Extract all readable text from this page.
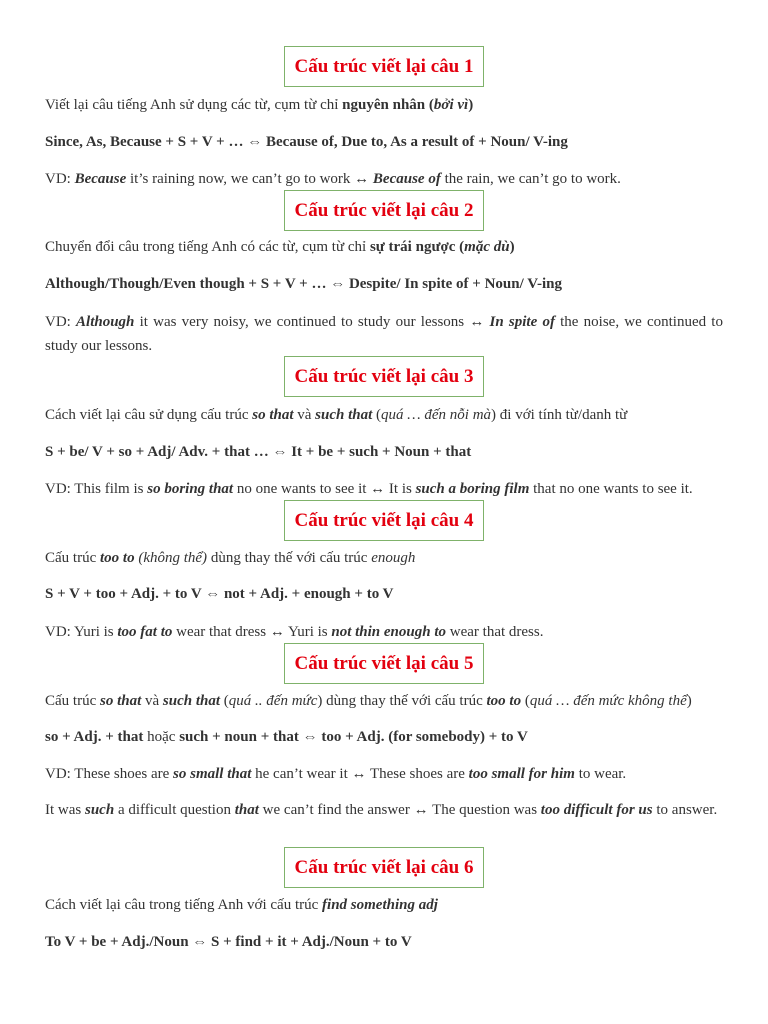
Cấu trúc viết lại câu 1

Viết lại câu tiếng Anh sử dụng các từ, cụm từ chỉ nguyên nhân (bởi vì)

Since, As, Because + S + V + … ⇔ Because of, Due to, As a result of + Noun/ V-ing

VD: Because it’s raining now, we can’t go to work ↔ Because of the rain, we can’t go to work.

Cấu trúc viết lại câu 2

Chuyển đổi câu trong tiếng Anh có các từ, cụm từ chỉ sự trái ngược (mặc dù)

Although/Though/Even though + S + V + … ⇔ Despite/ In spite of + Noun/ V-ing

VD: Although it was very noisy, we continued to study our lessons ↔ In spite of the noise, we continued to study our lessons.

Cấu trúc viết lại câu 3

Cách viết lại câu sử dụng cấu trúc so that và such that (quá … đến nỗi mà) đi với tính từ/danh từ

S + be/ V + so + Adj/ Adv. + that … ⇔ It + be + such + Noun + that

VD: This film is so boring that no one wants to see it ↔ It is such a boring film that no one wants to see it.

Cấu trúc viết lại câu 4

Cấu trúc too to (không thể) dùng thay thế với cấu trúc enough

S + V + too + Adj. + to V ⇔ not + Adj. + enough + to V

VD: Yuri is too fat to wear that dress ↔ Yuri is not thin enough to wear that dress.

Cấu trúc viết lại câu 5

Cấu trúc so that và such that (quá .. đến mức) dùng thay thế với cấu trúc too to (quá … đến mức không thể)

so + Adj. + that hoặc such + noun + that ⇔ too + Adj. (for somebody) + to V

VD: These shoes are so small that he can’t wear it ↔ These shoes are too small for him to wear.

It was such a difficult question that we can’t find the answer ↔ The question was too difficult for us to answer.

Cấu trúc viết lại câu 6

Cách viết lại câu trong tiếng Anh với cấu trúc find something adj

To V + be + Adj./Noun ⇔ S + find + it + Adj./Noun + to V
